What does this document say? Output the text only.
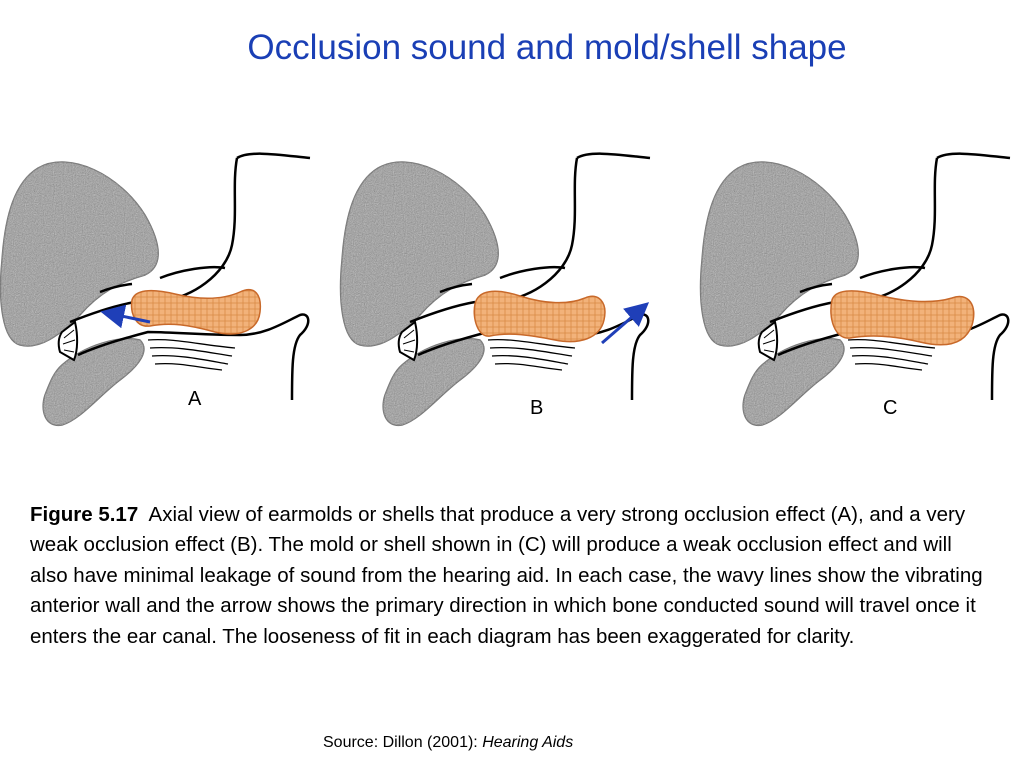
Occlusion sound and mold/shell shape
A	B	C

Figure 5.17 Axial view of earmolds or shells that produce a very strong occlusion effect (A), and a very weak occlusion effect (B). The mold or shell shown in (C) will produce a weak occlusion effect and will also have minimal leakage of sound from the hearing aid. In each case, the wavy lines show the vibrating anterior wall and the arrow shows the primary direction in which bone conducted sound will travel once it enters the ear canal. The looseness of fit in each diagram has been exaggerated for clarity.

Source: Dillon (2001): Hearing Aids
